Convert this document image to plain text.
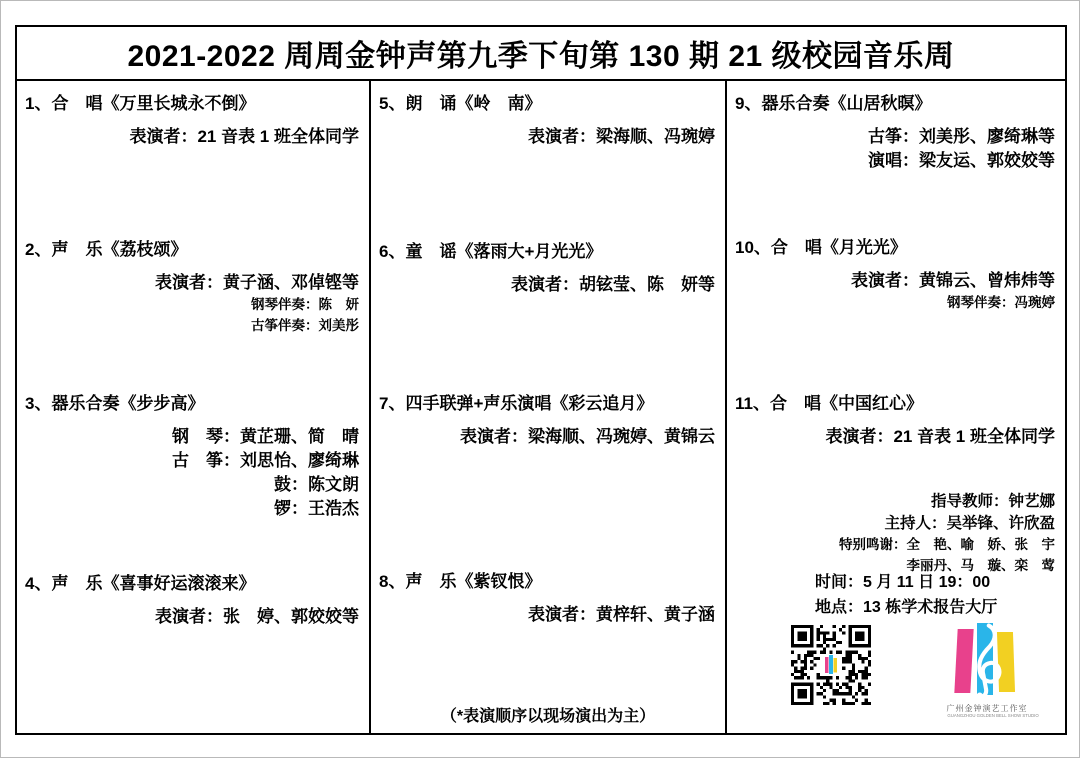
2021-2022 周周金钟声第九季下旬第 130 期 21 级校园音乐周
1、合　唱《万里长城永不倒》
表演者：21 音表 1 班全体同学
2、声　乐《荔枝颂》
表演者：黄子涵、邓倬铿等
钢琴伴奏：陈　妍
古筝伴奏：刘美彤
3、器乐合奏《步步高》
钢　琴：黄芷珊、简　晴
古　筝：刘思怡、廖绮琳
鼓：陈文朗
锣：王浩杰
4、声　乐《喜事好运滚滚来》
表演者：张　婷、郭姣姣等
5、朗　诵《岭　南》
表演者：梁海顺、冯琬婷
6、童　谣《落雨大+月光光》
表演者：胡铉莹、陈　妍等
7、四手联弹+声乐演唱《彩云追月》
表演者：梁海顺、冯琬婷、黄锦云
8、声　乐《紫钗恨》
表演者：黄梓轩、黄子涵
（*表演顺序以现场演出为主）
9、器乐合奏《山居秋暝》
古筝：刘美彤、廖绮琳等
演唱：梁友运、郭姣姣等
10、合　唱《月光光》
表演者：黄锦云、曾炜炜等
钢琴伴奏：冯琬婷
11、合　唱《中国红心》
表演者：21 音表 1 班全体同学
指导教师：钟艺娜
主持人：吴举锋、许欣盈
特别鸣谢：全　艳、喻　娇、张　宇
李丽丹、马　璇、栾　莺
时间：5 月 11 日 19：00
地点：13 栋学术报告大厅
广州金钟演艺工作室
GUANGZHOU GOLDEN BELL SHOW STUDIO
